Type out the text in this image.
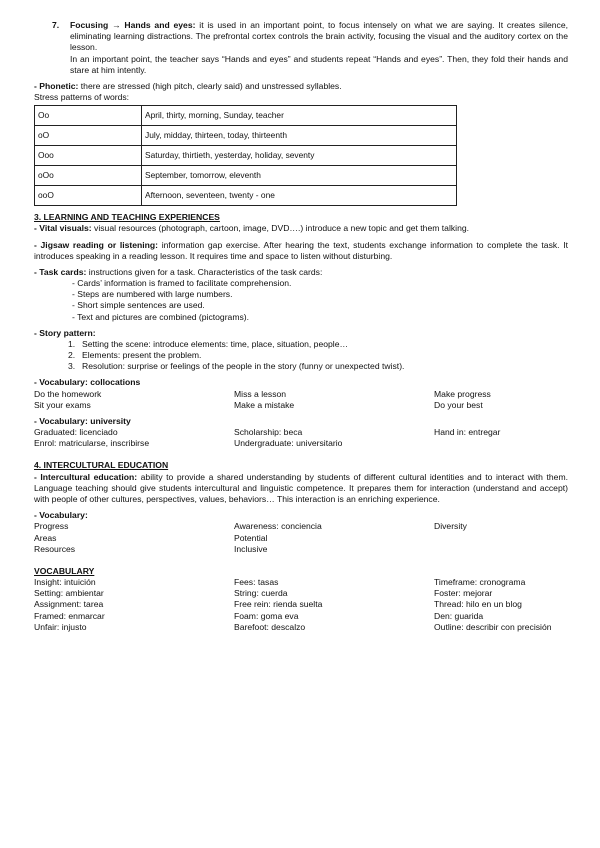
7. Focusing → Hands and eyes: it is used in an important point, to focus intensely on what we are saying. It creates silence, eliminating learning distractions. The prefrontal cortex controls the brain activity, focusing the visual and the auditory cortex on the lesson.

In an important point, the teacher says “Hands and eyes” and students repeat “Hands and eyes”. Then, they fold their hands and stare at him intently.

- Phonetic: there are stressed (high pitch, clearly said) and unstressed syllables.

Stress patterns of words:

Oo	April, thirty, morning, Sunday, teacher
oO	July, midday, thirteen, today, thirteenth
Ooo	Saturday, thirtieth, yesterday, holiday, seventy
oOo	September, tomorrow, eleventh
ooO	Afternoon, seventeen, twenty - one
3. LEARNING AND TEACHING EXPERIENCES

- Vital visuals: visual resources (photograph, cartoon, image, DVD….) introduce a new topic and get them talking.

- Jigsaw reading or listening: information gap exercise. After hearing the text, students exchange information to complete the task. It introduces speaking in a reading lesson. It requires time and space to listen without disturbing.

- Task cards: instructions given for a task. Characteristics of the task cards:

- Cards’ information is framed to facilitate comprehension.
- Steps are numbered with large numbers.
- Short simple sentences are used.
- Text and pictures are combined (pictograms).

- Story pattern:

1. Setting the scene: introduce elements: time, place, situation, people…
2. Elements: present the problem.
3. Resolution: surprise or feelings of the people in the story (funny or unexpected twist).

- Vocabulary: collocations

Do the homework	Miss a lesson	Make progress
Sit your exams	Make a mistake	Do your best

- Vocabulary: university

Graduated: licenciado	Scholarship: beca	Hand in: entregar
Enrol: matricularse, inscribirse	Undergraduate: universitario

4. INTERCULTURAL EDUCATION

- Intercultural education: ability to provide a shared understanding by students of different cultural identities and to interact with them. Language teaching should give students intercultural and linguistic competence. It prepares them for interaction (understand and accept) with people of other cultures, perspectives, values, behaviors… This interaction is an enriching experience.

- Vocabulary:

Progress	Awareness: conciencia	Diversity
Areas	Potential

Resources	Inclusive

VOCABULARY
Insight: intuición	Fees: tasas	Timeframe: cronograma
Setting: ambientar	String: cuerda	Foster: mejorar
Assignment: tarea	Free rein: rienda suelta	Thread: hilo en un blog
Framed: enmarcar	Foam: goma eva	Den: guarida
Unfair: injusto	Barefoot: descalzo	Outline: describir con precisión
